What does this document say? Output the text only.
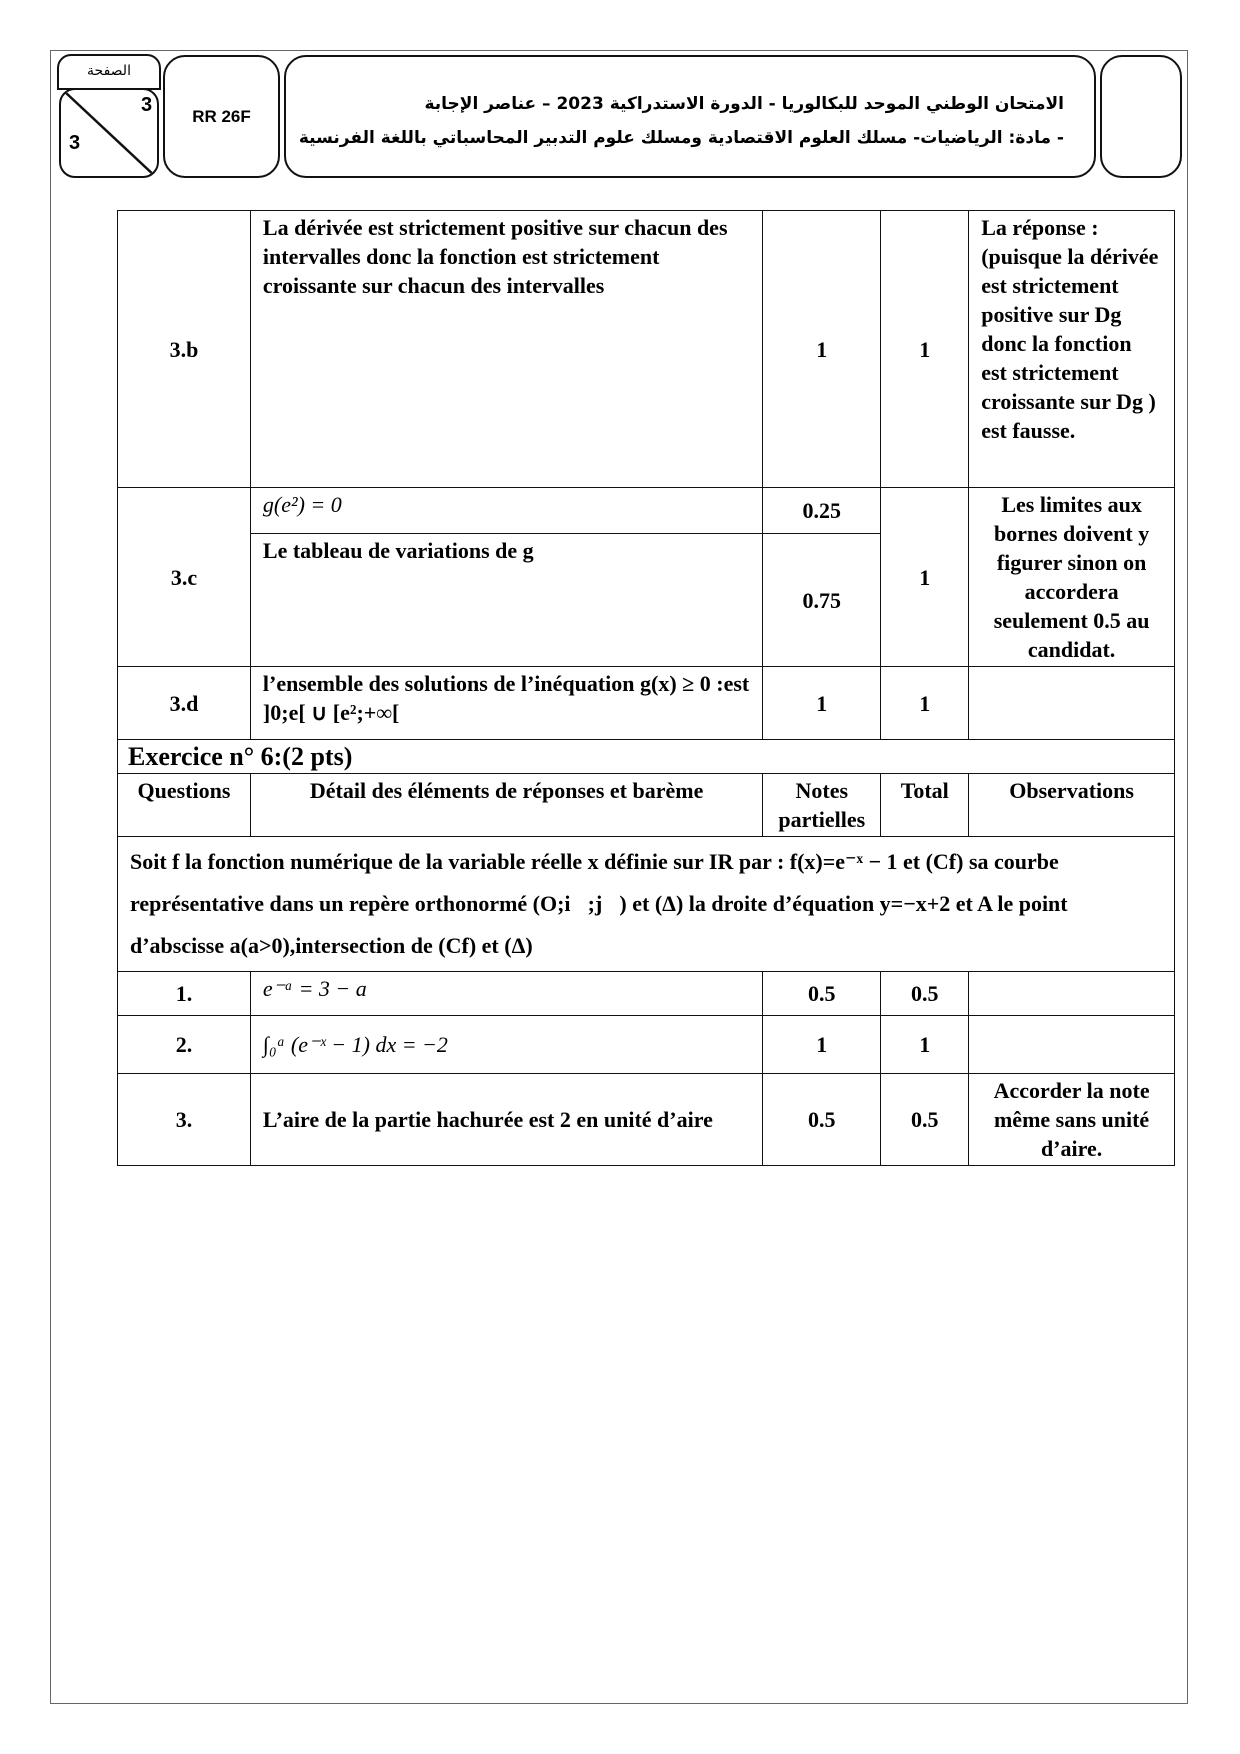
الصفحة
3
3
RR 26F
الامتحان الوطني الموحد للبكالوريا - الدورة الاستدراكية 2023 – عناصر الإجابة
- مادة: الرياضيات- مسلك العلوم الاقتصادية ومسلك علوم التدبير المحاسباتي باللغة الفرنسية
3.b	La dérivée est strictement positive sur chacun des intervalles donc la fonction est strictement croissante sur chacun des intervalles	1	1	La réponse : (puisque la dérivée est strictement positive sur Dg donc la fonction est strictement croissante sur Dg ) est fausse.
3.c	g(e²) = 0	0.25	1	Les limites aux bornes doivent y figurer sinon on accordera seulement 0.5 au candidat.
	Le tableau de variations de g	0.75		
3.d	l’ensemble des solutions de l’inéquation g(x) ≥ 0 :est ]0;e[ ∪ [e²;+∞[	1	1	
Exercice n° 6:(2 pts)				
Questions	Détail des éléments de réponses et barème	Notes partielles	Total	Observations
Soit f la fonction numérique de la variable réelle x définie sur IR par : f(x)=e⁻ˣ − 1 et (Cf) sa courbe représentative dans un repère orthonormé (O;i⃗;j⃗) et (Δ) la droite d’équation y=−x+2 et A le point d’abscisse a(a>0),intersection de (Cf) et (Δ)				
1.	e⁻ᵃ = 3 − a	0.5	0.5	
2.	∫₀ᵃ (e⁻ˣ − 1) dx = −2	1	1	
3.	L’aire de la partie hachurée est 2 en unité d’aire	0.5	0.5	Accorder la note même sans unité d’aire.
